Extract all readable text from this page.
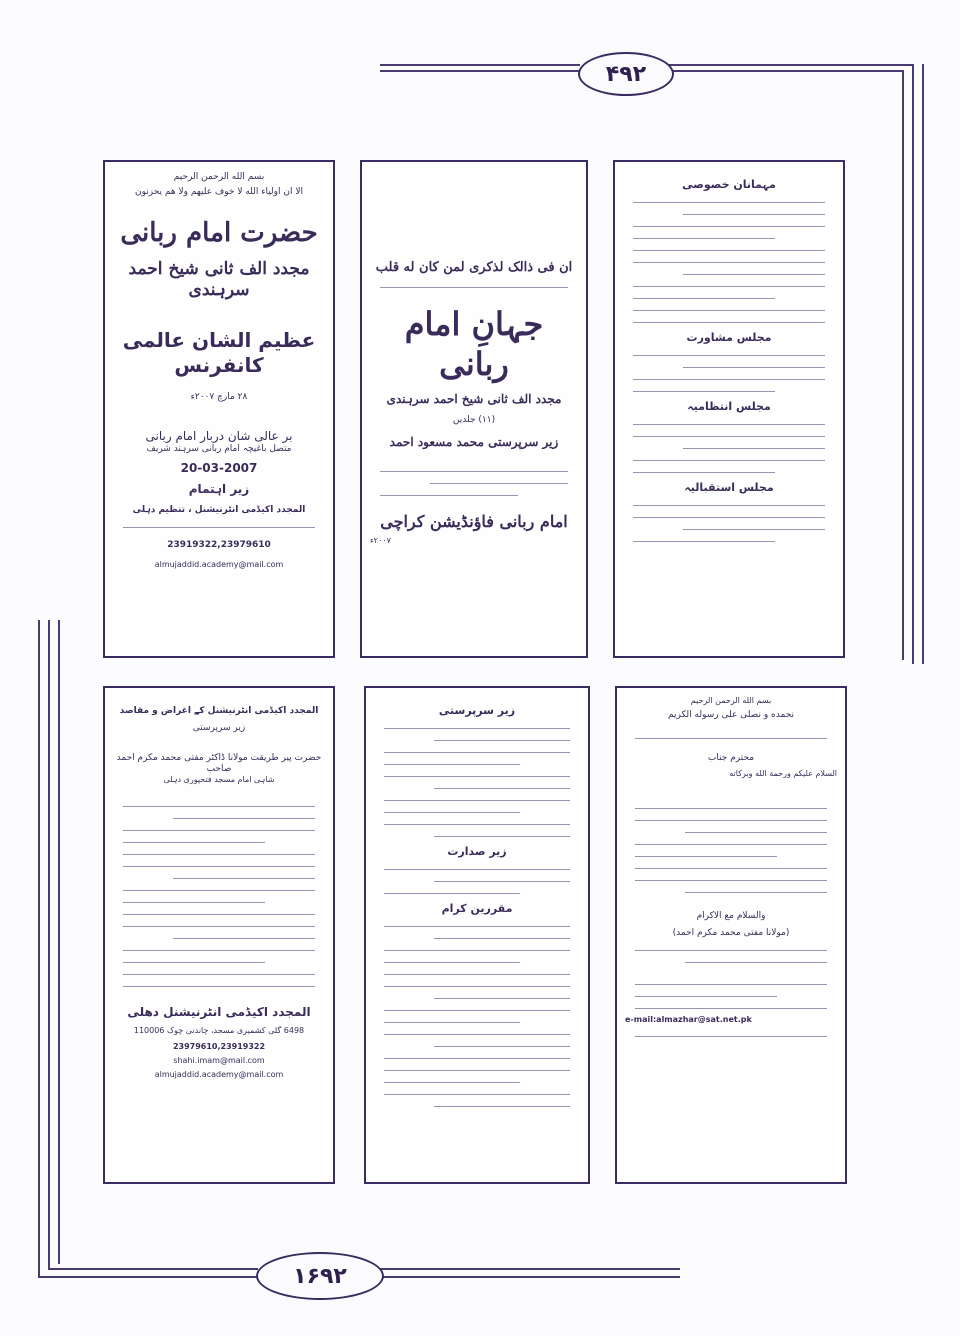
۴۹۲
۱۶۹۲
بسم الله الرحمن الرحيم
الا ان اولیاء الله لا خوف علیهم ولا هم یحزنون
حضرت امام ربانی
مجدد الف ثانی شیخ احمد سرہندی
عظیم الشان عالمی
کانفرنس
۲۸ مارچ ۲۰۰۷ء
بر عالی شان دربار امام ربانی
متصل باغیچہ امام ربانی سرہند شریف
20-03-2007
زیر اہتمام
المجدد اکیڈمی انٹرنیشنل ، تنظیم دہلی
23919322,23979610
almujaddid.academy@mail.com
ان فی ذالک لذکری لمن کان له قلب
جہانِ امام ربانی
مجدد الف ثانی شیخ احمد سرہندی
(۱۱) جلدیں
زیر سرپرستی محمد مسعود احمد
امام ربانی فاؤنڈیشن کراچی
۲۰۰۷ء
مہمانان خصوصی
مجلس مشاورت
مجلس انتظامیہ
مجلس استقبالیہ
المجدد اکیڈمی انٹرنیشنل کے اغراض و مقاصد
زیر سرپرستی
حضرت پیر طریقت مولانا ڈاکٹر مفتی محمد مکرم احمد صاحب
شاہی امام مسجد فتحپوری دہلی
المجدد اکیڈمی انٹرنیشنل دهلی
6498 گلی کشمیری مسجد، چاندنی چوک 110006
23979610,23919322
shahi.imam@mail.com
almujaddid.academy@mail.com
زیر سرپرستی
زیر صدارت
مقررین کرام
بسم الله الرحمن الرحيم
نحمده و نصلی علی رسوله الکریم
محترم جناب
السلام علیکم ورحمة الله وبرکاته
والسلام مع الاکرام
(مولانا مفتی محمد مکرم احمد)
e-mail:almazhar@sat.net.pk
